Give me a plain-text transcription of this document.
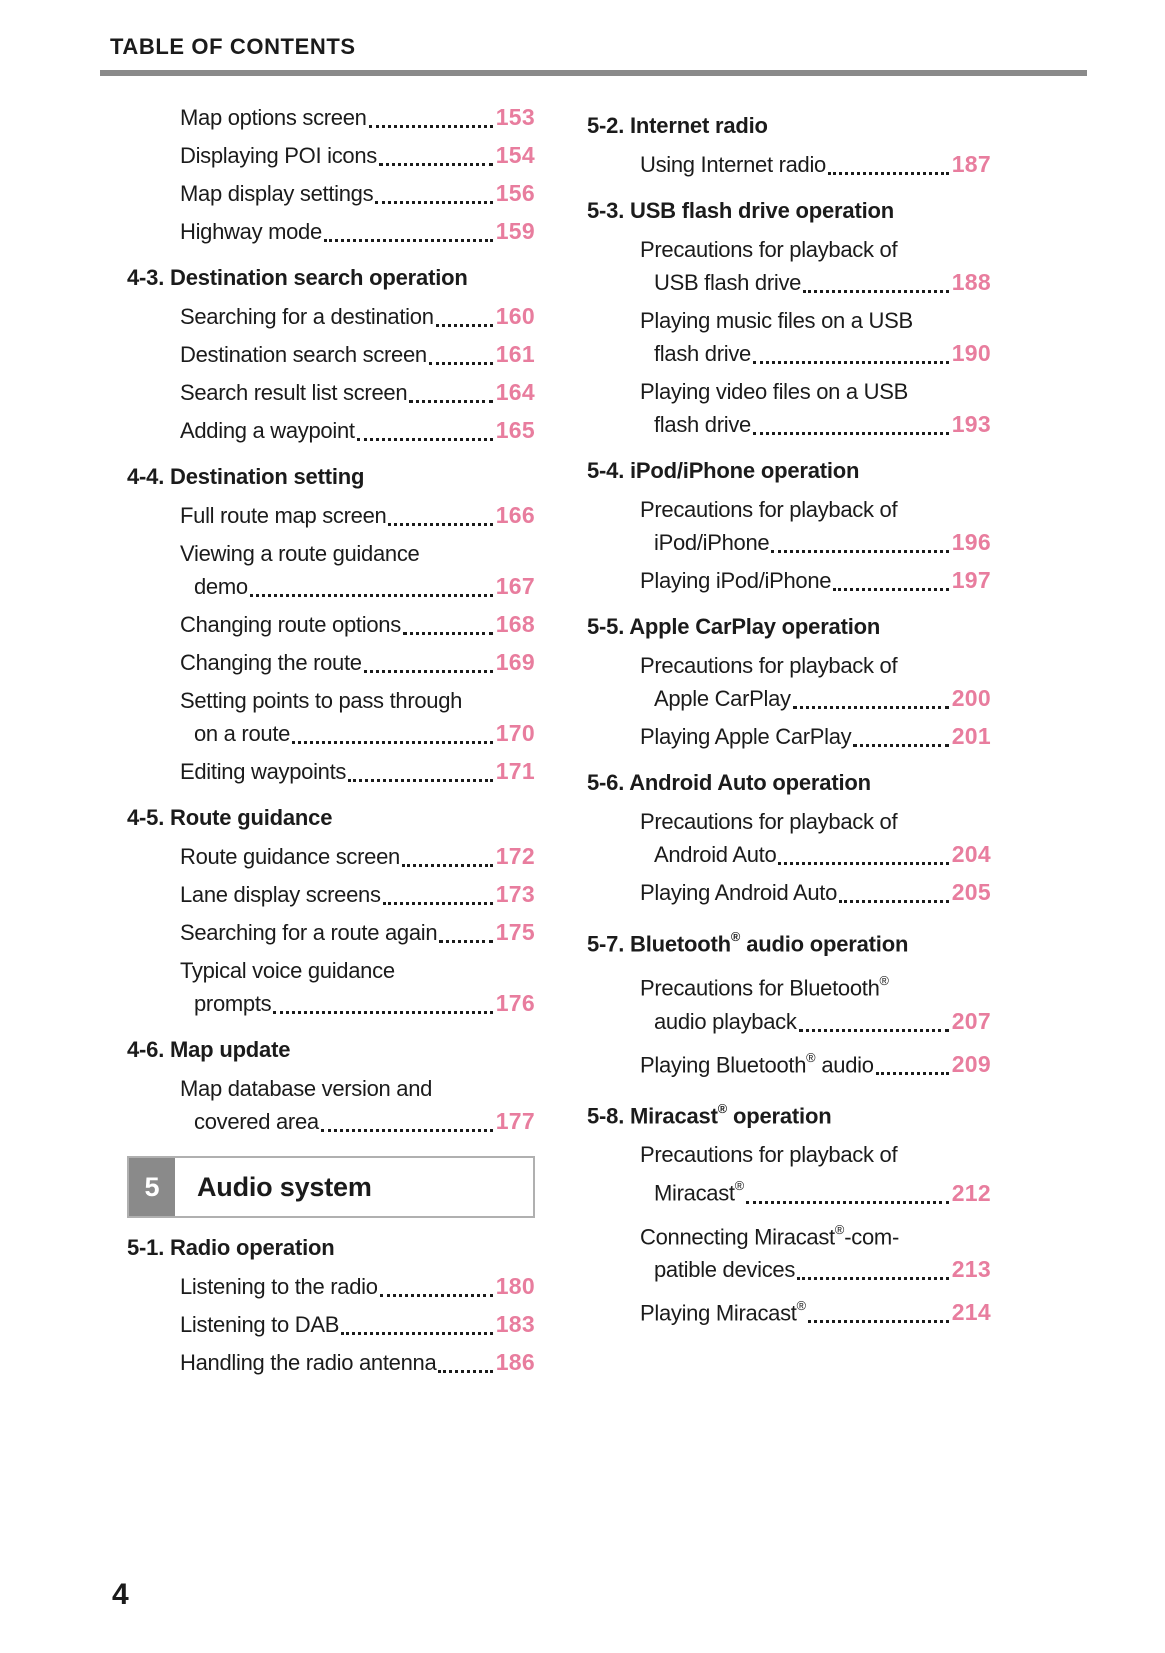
TABLE OF CONTENTS
Map options screen	153
Displaying POI icons	154
Map display settings	156
Highway mode	159
4-3. Destination search operation
Searching for a destination	160
Destination search screen	161
Search result list screen	164
Adding a waypoint	165
4-4. Destination setting
Full route map screen	166
Viewing a route guidance
demo	167
Changing route options	168
Changing the route	169
Setting points to pass through
on a route	170
Editing waypoints	171
4-5. Route guidance
Route guidance screen	172
Lane display screens	173
Searching for a route again	175
Typical voice guidance
prompts	176
4-6. Map update
Map database version and
covered area	177
5	Audio system
5-1. Radio operation
Listening to the radio	180
Listening to DAB	183
Handling the radio antenna	186
5-2. Internet radio
Using Internet radio	187
5-3. USB flash drive operation
Precautions for playback of
USB flash drive	188
Playing music files on a USB
flash drive	190
Playing video files on a USB
flash drive	193
5-4. iPod/iPhone operation
Precautions for playback of
iPod/iPhone	196
Playing iPod/iPhone	197
5-5. Apple CarPlay operation
Precautions for playback of
Apple CarPlay	200
Playing Apple CarPlay	201
5-6. Android Auto operation
Precautions for playback of
Android Auto	204
Playing Android Auto	205
5-7. Bluetooth® audio operation
Precautions for Bluetooth®
audio playback	207
Playing Bluetooth® audio	209
5-8. Miracast® operation
Precautions for playback of
Miracast®	212
Connecting Miracast®-com-
patible devices	213
Playing Miracast®	214
4
